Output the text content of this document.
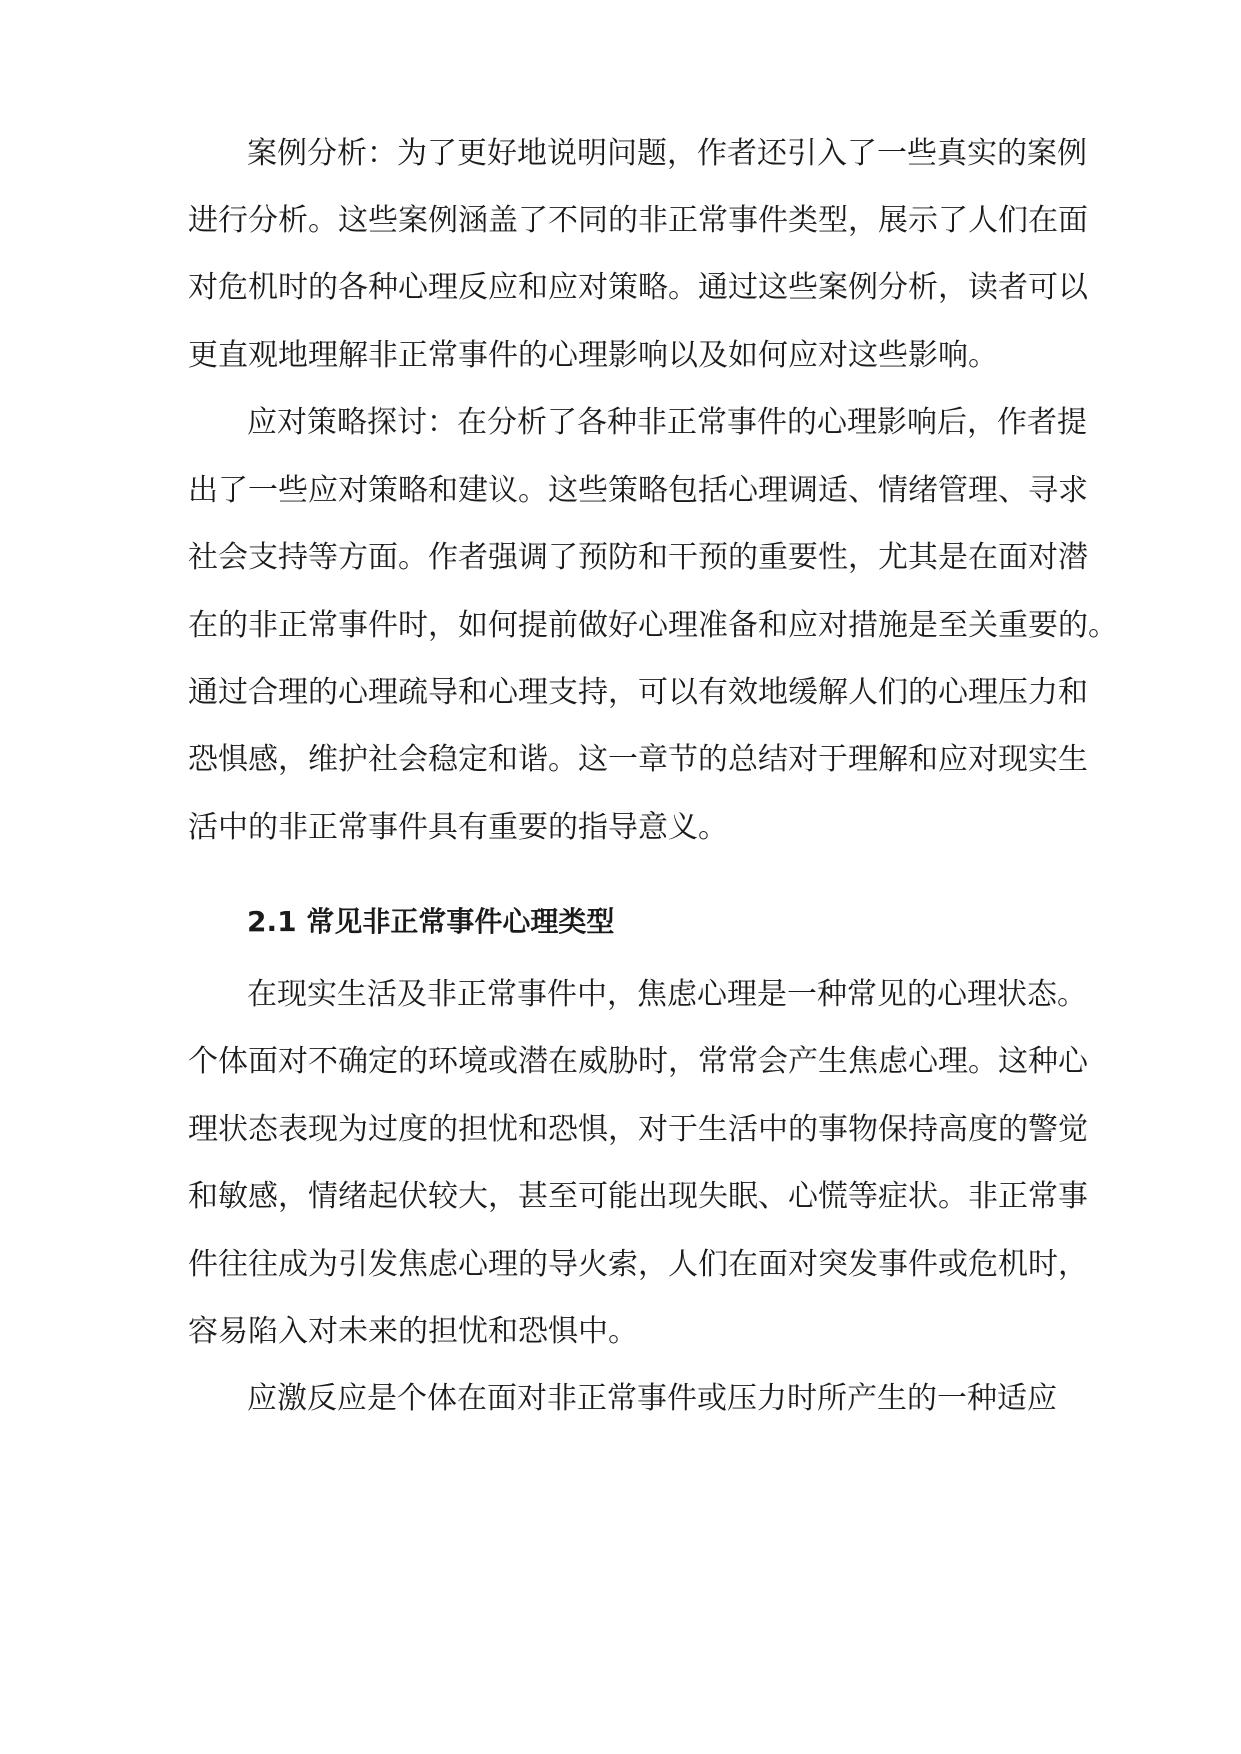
案例分析：为了更好地说明问题，作者还引入了一些真实的案例
进行分析。这些案例涵盖了不同的非正常事件类型，展示了人们在面
对危机时的各种心理反应和应对策略。通过这些案例分析，读者可以
更直观地理解非正常事件的心理影响以及如何应对这些影响。
应对策略探讨：在分析了各种非正常事件的心理影响后，作者提
出了一些应对策略和建议。这些策略包括心理调适、情绪管理、寻求
社会支持等方面。作者强调了预防和干预的重要性，尤其是在面对潜
在的非正常事件时，如何提前做好心理准备和应对措施是至关重要的。
通过合理的心理疏导和心理支持，可以有效地缓解人们的心理压力和
恐惧感，维护社会稳定和谐。这一章节的总结对于理解和应对现实生
活中的非正常事件具有重要的指导意义。
2.1 常见非正常事件心理类型
在现实生活及非正常事件中，焦虑心理是一种常见的心理状态。
个体面对不确定的环境或潜在威胁时，常常会产生焦虑心理。这种心
理状态表现为过度的担忧和恐惧，对于生活中的事物保持高度的警觉
和敏感，情绪起伏较大，甚至可能出现失眠、心慌等症状。非正常事
件往往成为引发焦虑心理的导火索，人们在面对突发事件或危机时，
容易陷入对未来的担忧和恐惧中。
应激反应是个体在面对非正常事件或压力时所产生的一种适应
